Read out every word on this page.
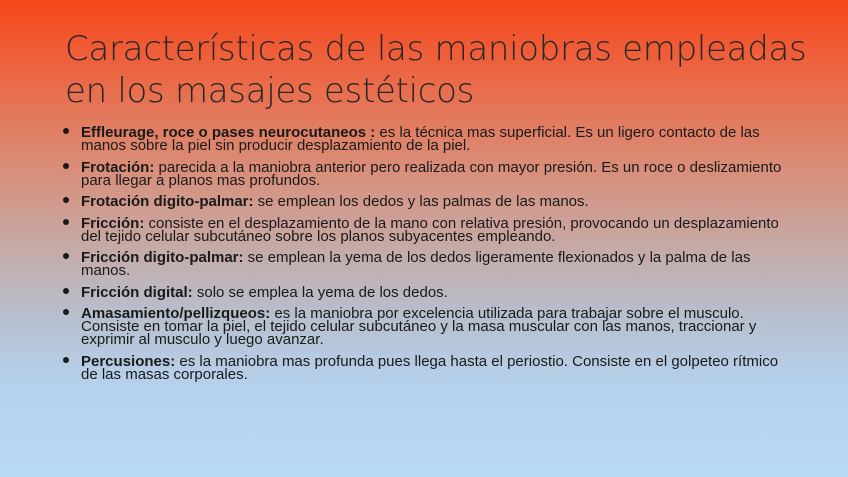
Características de las maniobras empleadas
en los masajes estéticos
Effleurage, roce o pases neurocutaneos : es la técnica mas superficial. Es un ligero contacto de las manos sobre la piel sin producir desplazamiento de la piel.
Frotación: parecida a la maniobra anterior pero realizada con mayor presión. Es un roce o deslizamiento para llegar a planos mas profundos.
Frotación digito-palmar: se emplean los dedos y las palmas de las manos.
Fricción: consiste en el desplazamiento de la mano con relativa presión, provocando un desplazamiento del tejido celular subcutáneo sobre los planos subyacentes empleando.
Fricción digito-palmar: se emplean la yema de los dedos ligeramente flexionados y la palma de las manos.
Fricción digital: solo se emplea la yema de los dedos.
Amasamiento/pellizqueos: es la maniobra por excelencia utilizada para trabajar sobre el musculo. Consiste en tomar la piel, el tejido celular subcutáneo y la masa muscular con las manos, traccionar y exprimir al musculo y luego avanzar.
Percusiones: es la maniobra mas profunda pues llega hasta el periostio. Consiste en el golpeteo rítmico de las masas corporales.
